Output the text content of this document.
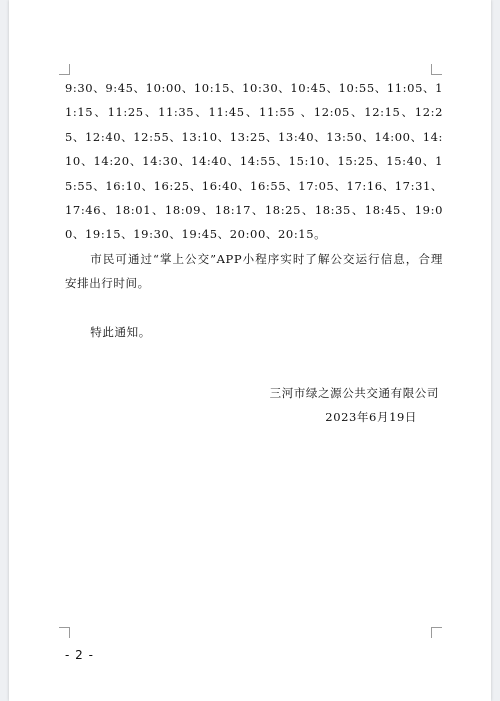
9:30、9:45、10:00、10:15、10:30、10:45、10:55、11:05、11:15、11:25、11:35、11:45、11:55 、12:05、12:15、12:25、12:40、12:55、13:10、13:25、13:40、13:50、14:00、14:10、14:20、14:30、14:40、14:55、15:10、15:25、15:40、15:55、16:10、16:25、16:40、16:55、17:05、17:16、17:31、17:46、18:01、18:09、18:17、18:25、18:35、18:45、19:00、19:15、19:30、19:45、20:00、20:15。

市民可通过“掌上公交”APP小程序实时了解公交运行信息，合理安排出行时间。

特此通知。

三河市绿之源公共交通有限公司
2023年6月19日
- 2 -
